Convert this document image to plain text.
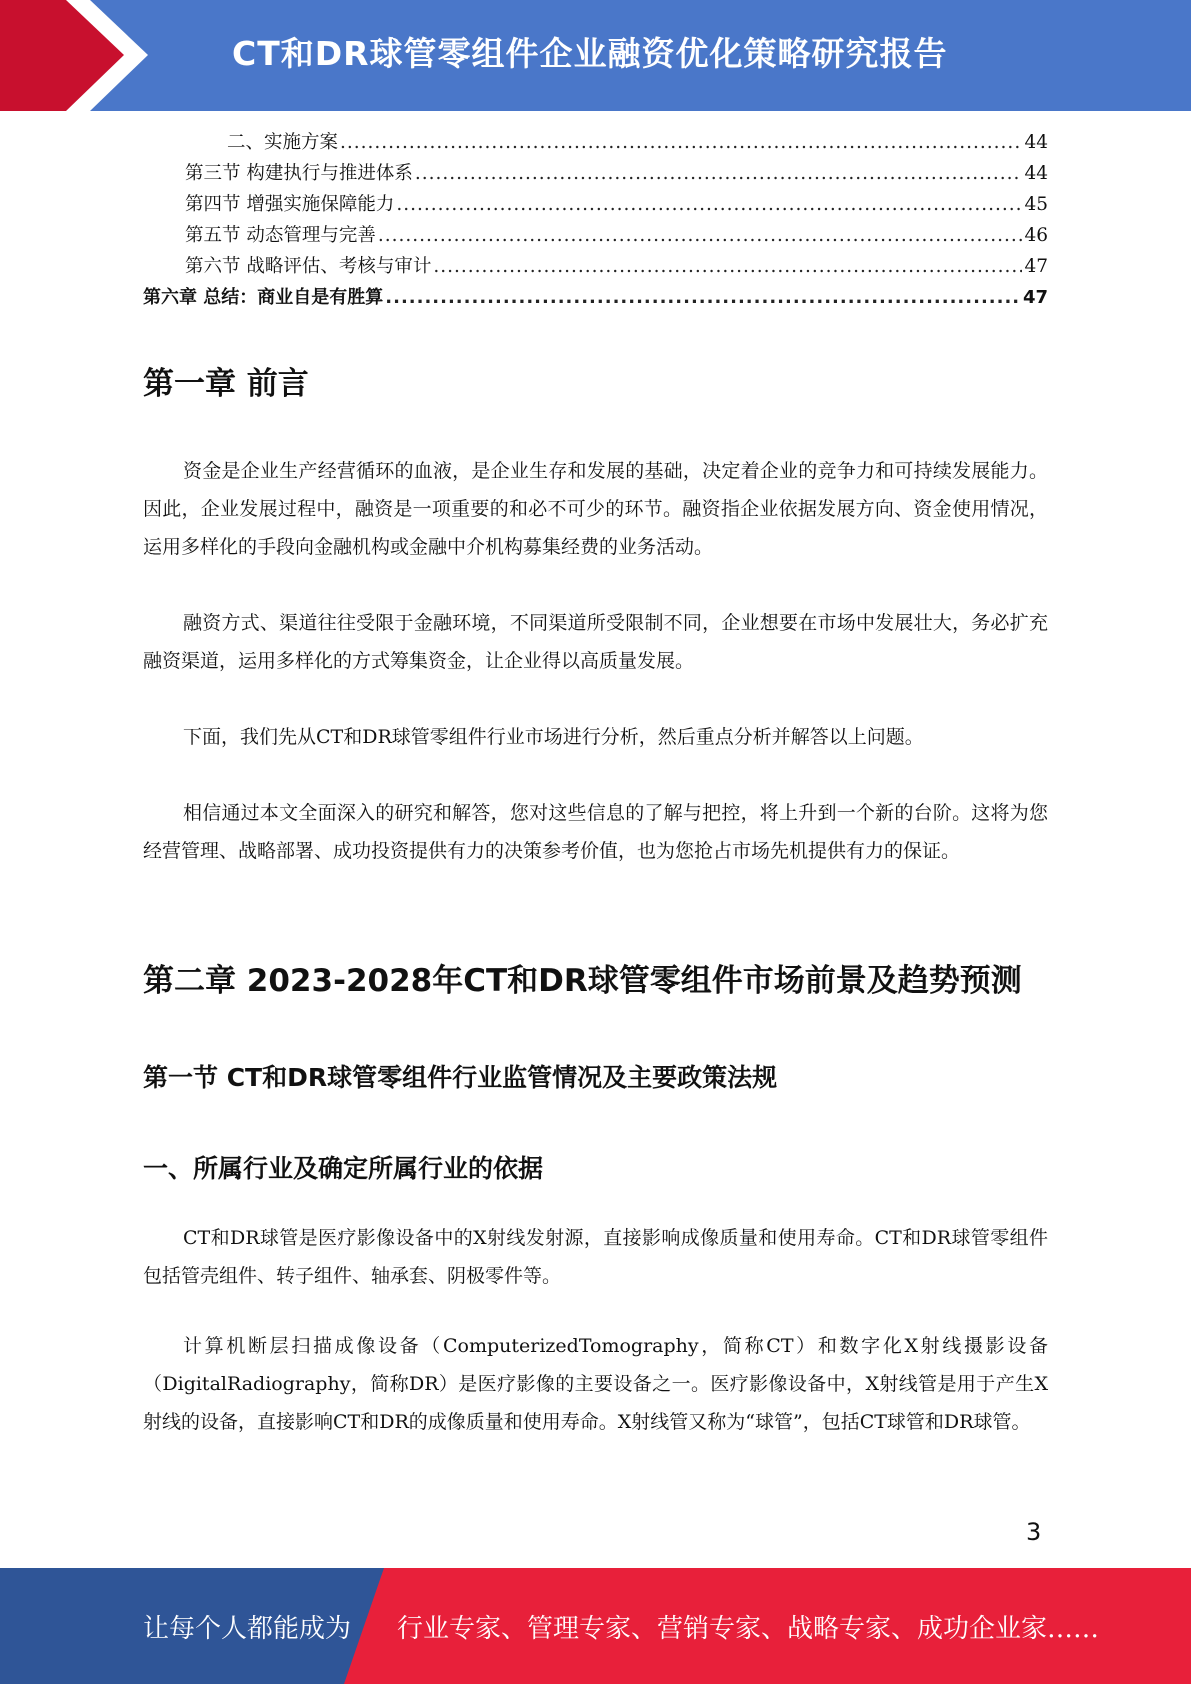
CT和DR球管零组件企业融资优化策略研究报告
二、实施方案 .....	44
第三节 构建执行与推进体系 .....	44
第四节 增强实施保障能力 .....	45
第五节 动态管理与完善 .....	46
第六节 战略评估、考核与审计 .....	47
第六章 总结：商业自是有胜算 .....	47
第一章 前言

资金是企业生产经营循环的血液，是企业生存和发展的基础，决定着企业的竞争力和可持续发展能力。因此，企业发展过程中，融资是一项重要的和必不可少的环节。融资指企业依据发展方向、资金使用情况，运用多样化的手段向金融机构或金融中介机构募集经费的业务活动。

融资方式、渠道往往受限于金融环境，不同渠道所受限制不同，企业想要在市场中发展壮大，务必扩充融资渠道，运用多样化的方式筹集资金，让企业得以高质量发展。

下面，我们先从CT和DR球管零组件行业市场进行分析，然后重点分析并解答以上问题。

相信通过本文全面深入的研究和解答，您对这些信息的了解与把控，将上升到一个新的台阶。这将为您经营管理、战略部署、成功投资提供有力的决策参考价值，也为您抢占市场先机提供有力的保证。

第二章 2023-2028年CT和DR球管零组件市场前景及趋势预测
第一节 CT和DR球管零组件行业监管情况及主要政策法规
一、所属行业及确定所属行业的依据

CT和DR球管是医疗影像设备中的X射线发射源，直接影响成像质量和使用寿命。CT和DR球管零组件包括管壳组件、转子组件、轴承套、阴极零件等。

计算机断层扫描成像设备（ComputerizedTomography，简称CT）和数字化X射线摄影设备（DigitalRadiography，简称DR）是医疗影像的主要设备之一。医疗影像设备中，X射线管是用于产生X射线的设备，直接影响CT和DR的成像质量和使用寿命。X射线管又称为“球管”，包括CT球管和DR球管。

3
让每个人都能成为 行业专家、管理专家、营销专家、战略专家、成功企业家……
